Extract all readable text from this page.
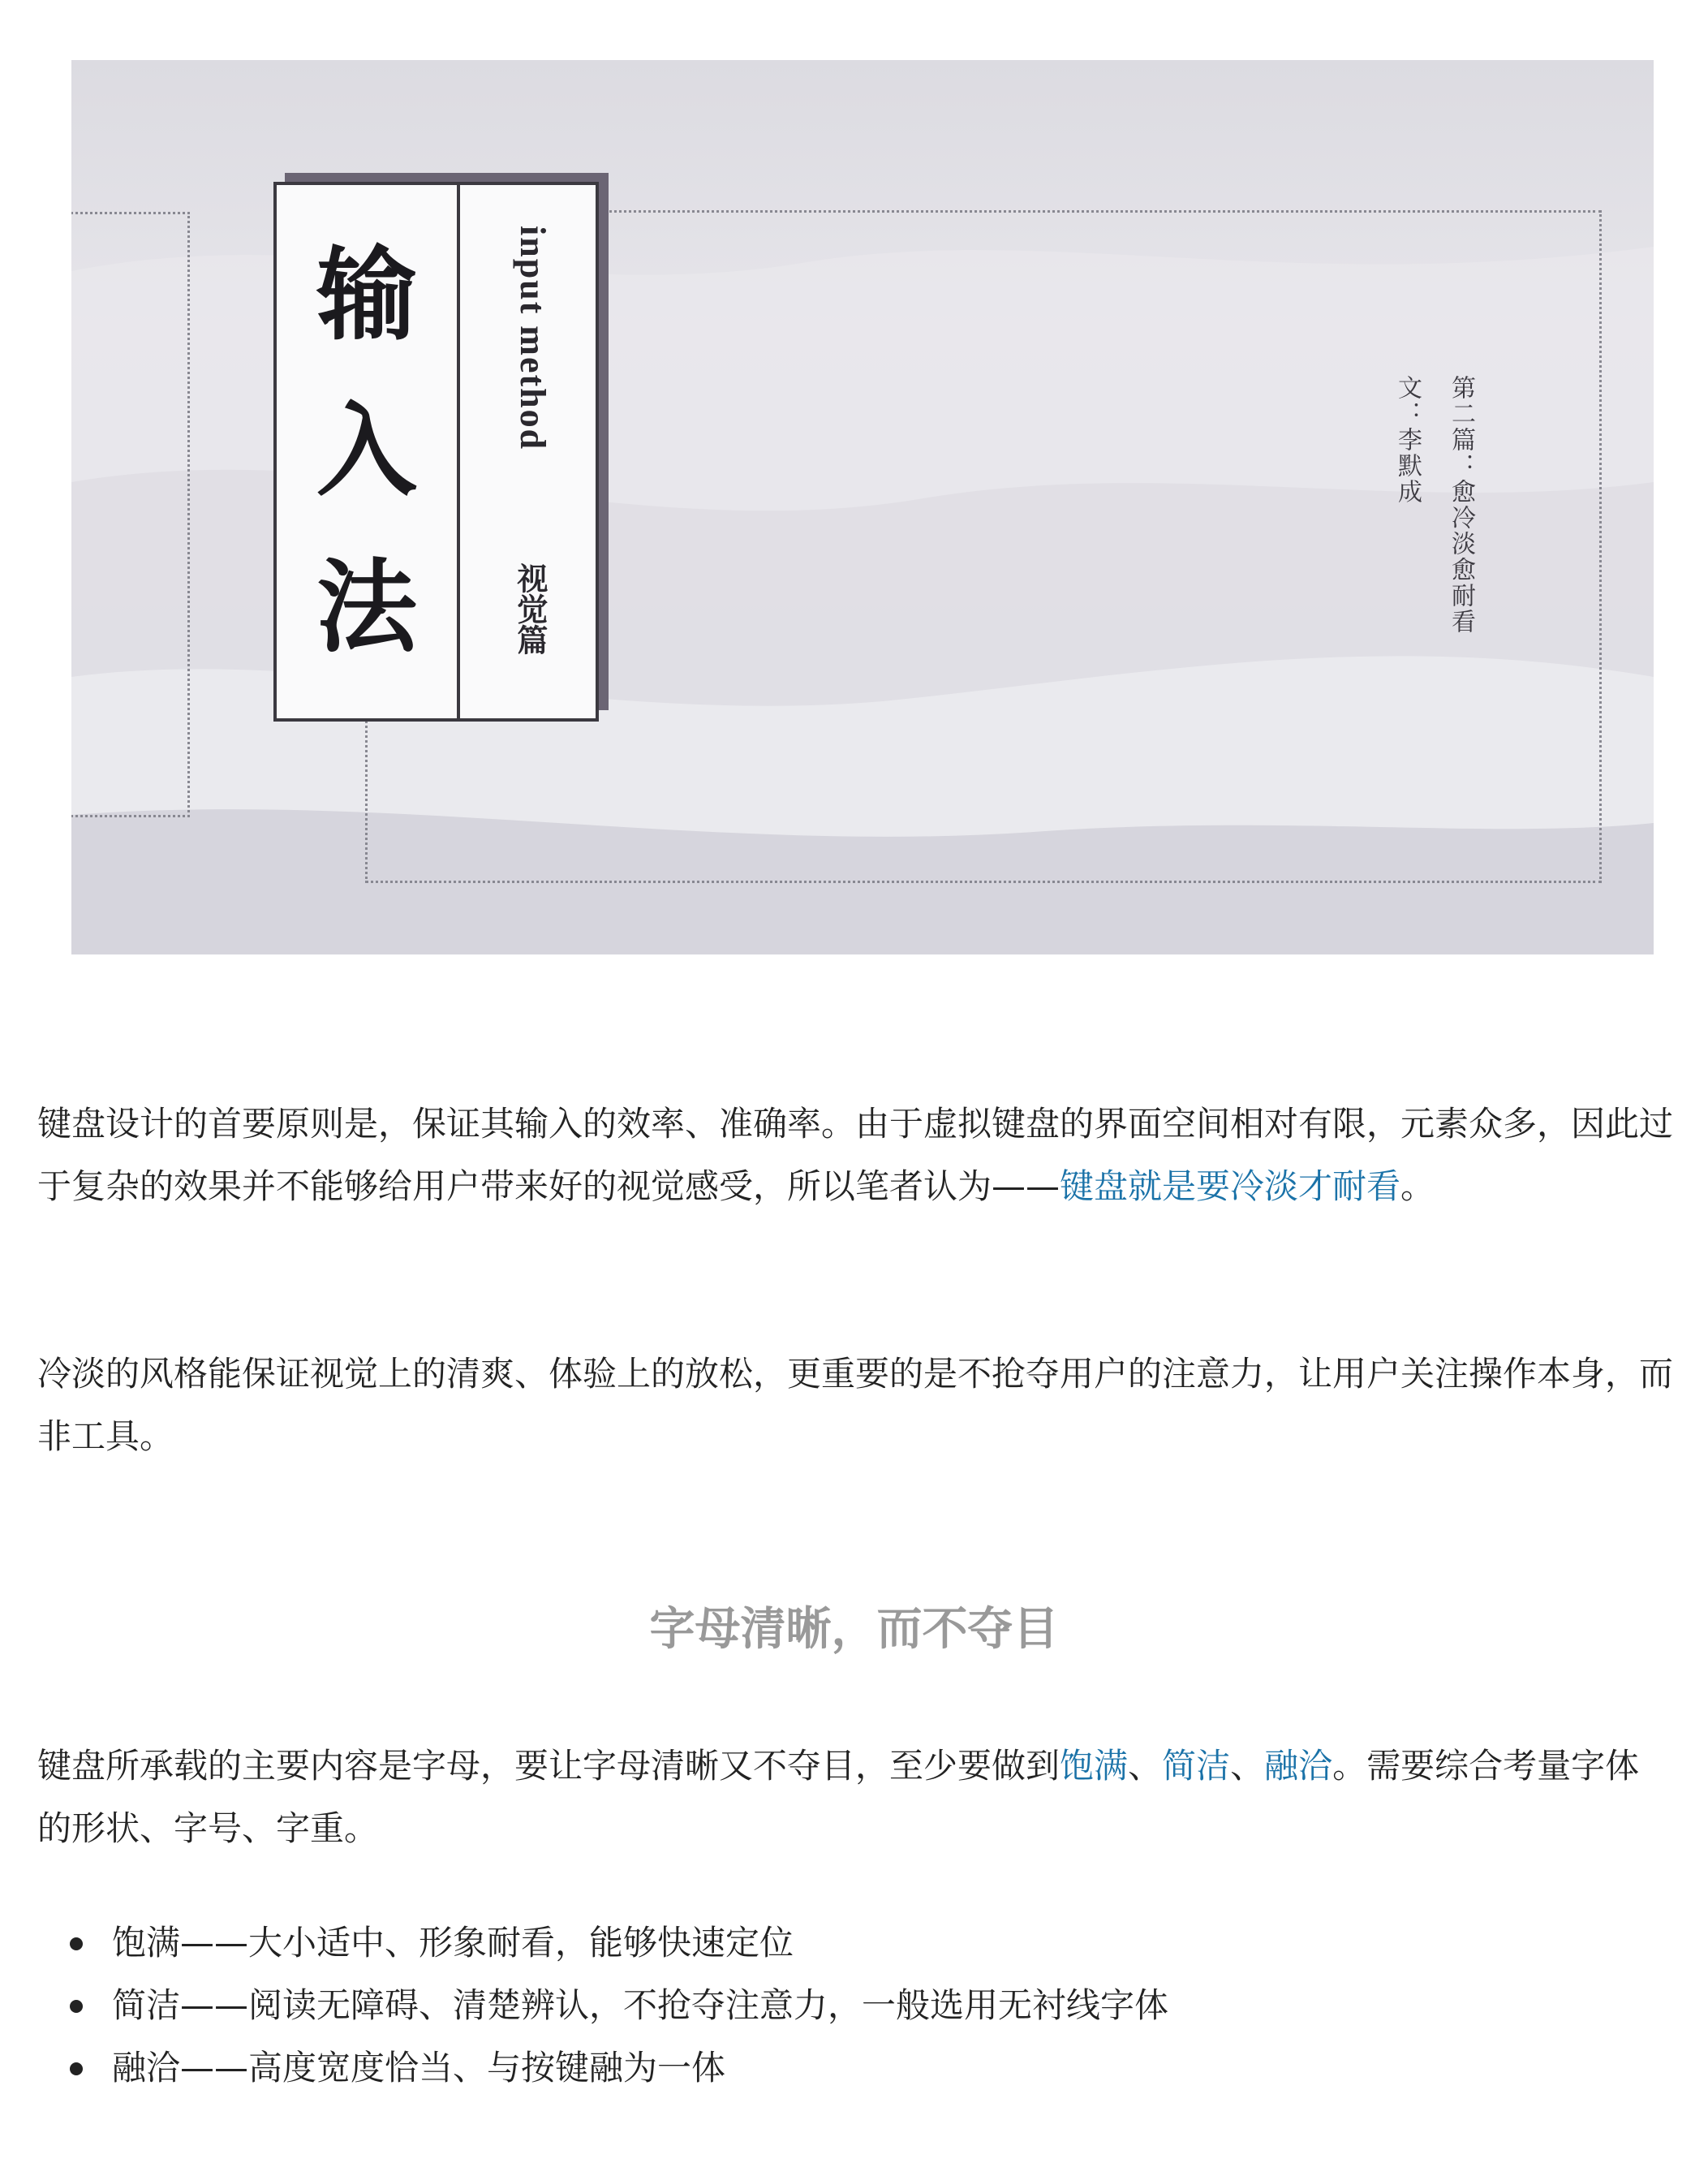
输
入
法
input method
视觉篇	第二篇：愈冷淡愈耐看
文：李默成

键盘设计的首要原则是，保证其输入的效率、准确率。由于虚拟键盘的界面空间相对有限，元素众多，因此过于复杂的效果并不能够给用户带来好的视觉感受，所以笔者认为——键盘就是要冷淡才耐看。

冷淡的风格能保证视觉上的清爽、体验上的放松，更重要的是不抢夺用户的注意力，让用户关注操作本身，而非工具。

字母清晰，而不夺目

键盘所承载的主要内容是字母，要让字母清晰又不夺目，至少要做到饱满、简洁、融洽。需要综合考量字体的形状、字号、字重。

饱满——大小适中、形象耐看，能够快速定位
简洁——阅读无障碍、清楚辨认，不抢夺注意力，一般选用无衬线字体
融洽——高度宽度恰当、与按键融为一体
